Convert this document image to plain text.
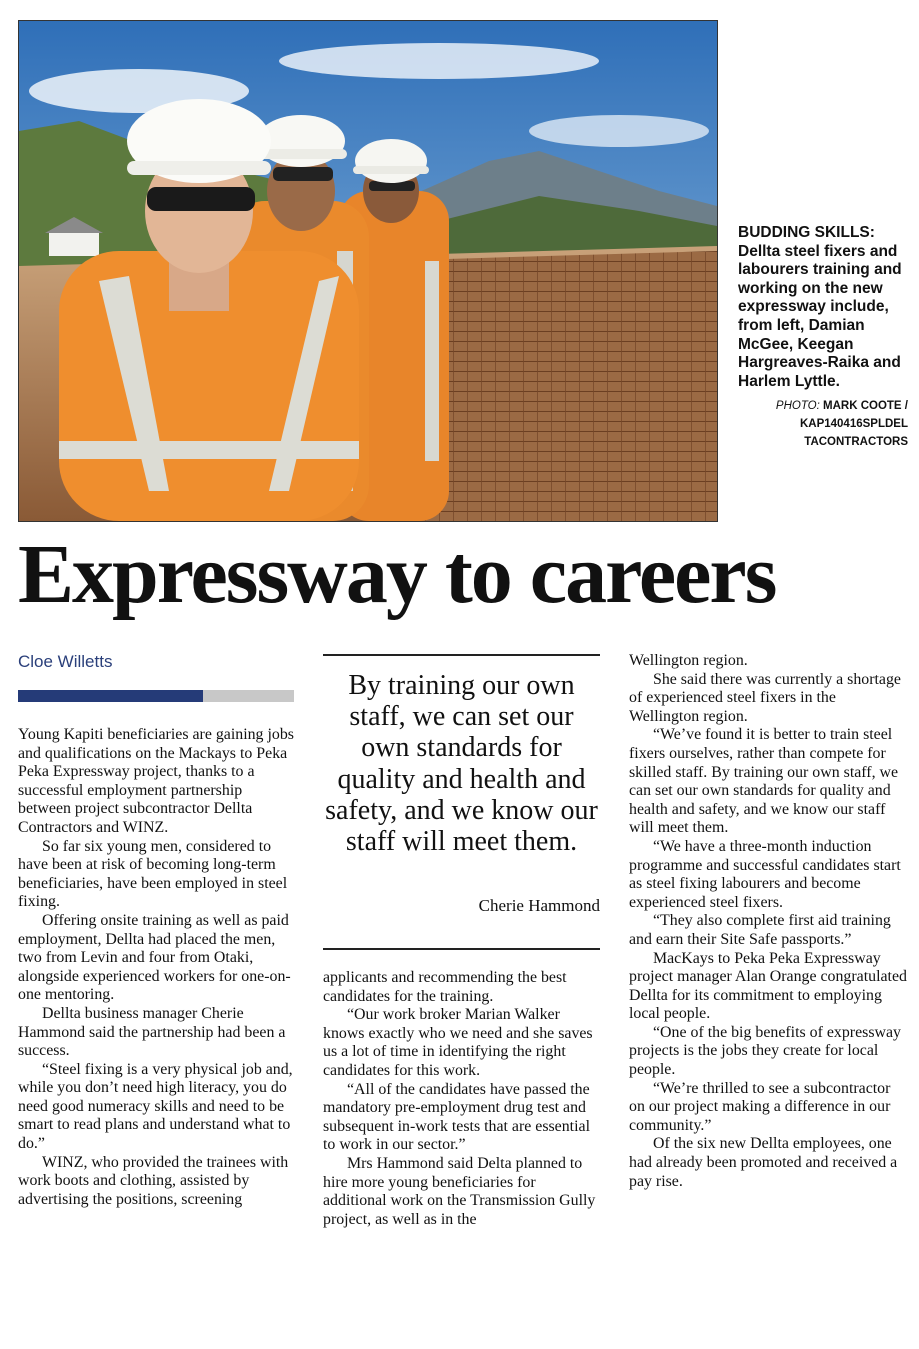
BUDDING SKILLS: Dellta steel fixers and labourers training and working on the new expressway include, from left, Damian McGee, Keegan Hargreaves-Raika and Harlem Lyttle.
PHOTO: MARK COOTE / KAP140416SPLDEL TACONTRACTORS
Expressway to careers
Cloe Willetts

Young Kapiti beneficiaries are gaining jobs and qualifications on the Mackays to Peka Peka Expressway project, thanks to a successful employment partnership between project subcontractor Dellta Contractors and WINZ.

So far six young men, considered to have been at risk of becoming long-term beneficiaries, have been employed in steel fixing.

Offering onsite training as well as paid employment, Dellta had placed the men, two from Levin and four from Otaki, alongside experienced workers for one-on-one mentoring.

Dellta business manager Cherie Hammond said the partnership had been a success.

“Steel fixing is a very physical job and, while you don’t need high literacy, you do need good numeracy skills and need to be smart to read plans and understand what to do.”

WINZ, who provided the trainees with work boots and clothing, assisted by advertising the positions, screening

By training our own staff, we can set our own standards for quality and health and safety, and we know our staff will meet them.

Cherie Hammond

applicants and recommending the best candidates for the training.

“Our work broker Marian Walker knows exactly who we need and she saves us a lot of time in identifying the right candidates for this work.

“All of the candidates have passed the mandatory pre-employment drug test and subsequent in-work tests that are essential to work in our sector.”

Mrs Hammond said Delta planned to hire more young beneficiaries for additional work on the Transmission Gully project, as well as in the

Wellington region.

She said there was currently a shortage of experienced steel fixers in the Wellington region.

“We’ve found it is better to train steel fixers ourselves, rather than compete for skilled staff. By training our own staff, we can set our own standards for quality and health and safety, and we know our staff will meet them.

“We have a three-month induction programme and successful candidates start as steel fixing labourers and become experienced steel fixers.

“They also complete first aid training and earn their Site Safe passports.”

MacKays to Peka Peka Expressway project manager Alan Orange congratulated Dellta for its commitment to employing local people.

“One of the big benefits of expressway projects is the jobs they create for local people.

“We’re thrilled to see a subcontractor on our project making a difference in our community.”

Of the six new Dellta employees, one had already been promoted and received a pay rise.
